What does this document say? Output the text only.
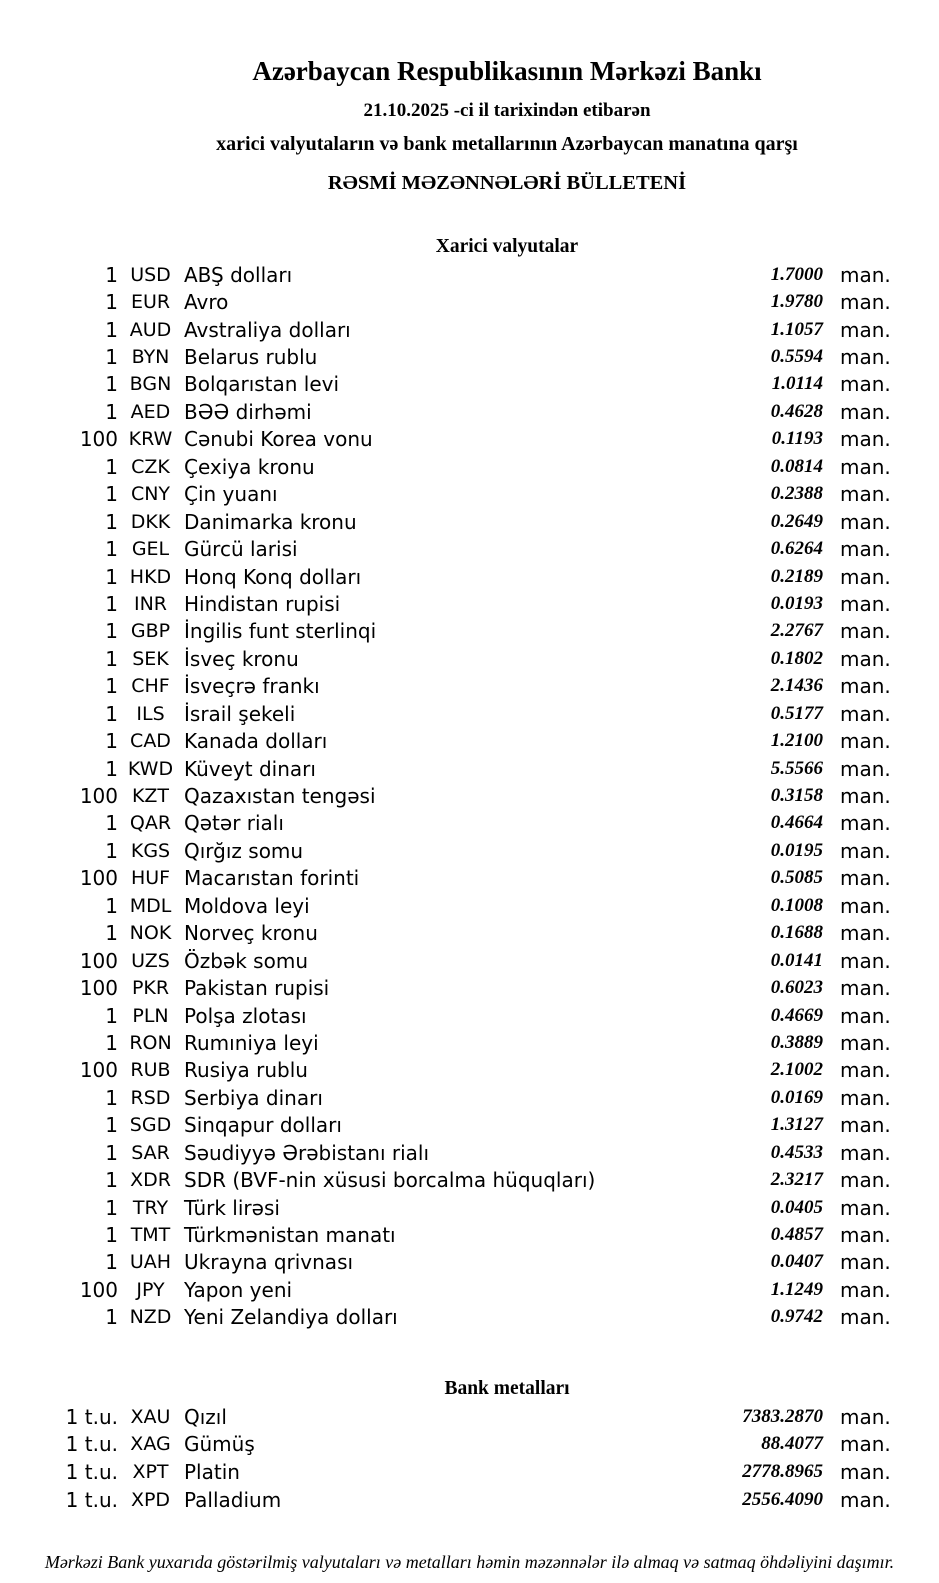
Azərbaycan Respublikasının Mərkəzi Bankı
21.10.2025 -ci il tarixindən etibarən
xarici valyutaların və bank metallarının Azərbaycan manatına qarşı
RƏSMİ MƏZƏNNƏLƏRİ BÜLLETENİ
Xarici valyutalar
1 USD ABŞ dolları	1.7000 man.
1 EUR Avro	1.9780 man.
1 AUD Avstraliya dolları	1.1057 man.
1 BYN Belarus rublu	0.5594 man.
1 BGN Bolqarıstan levi	1.0114 man.
1 AED BƏƏ dirhəmi	0.4628 man.
100 KRW Cənubi Korea vonu	0.1193 man.
1 CZK Çexiya kronu	0.0814 man.
1 CNY Çin yuanı	0.2388 man.
1 DKK Danimarka kronu	0.2649 man.
1 GEL Gürcü larisi	0.6264 man.
1 HKD Honq Konq dolları	0.2189 man.
1 INR Hindistan rupisi	0.0193 man.
1 GBP İngilis funt sterlinqi	2.2767 man.
1 SEK İsveç kronu	0.1802 man.
1 CHF İsveçrə frankı	2.1436 man.
1 ILS İsrail şekeli	0.5177 man.
1 CAD Kanada dolları	1.2100 man.
1 KWD Küveyt dinarı	5.5566 man.
100 KZT Qazaxıstan tengəsi	0.3158 man.
1 QAR Qətər rialı	0.4664 man.
1 KGS Qırğız somu	0.0195 man.
100 HUF Macarıstan forinti	0.5085 man.
1 MDL Moldova leyi	0.1008 man.
1 NOK Norveç kronu	0.1688 man.
100 UZS Özbək somu	0.0141 man.
100 PKR Pakistan rupisi	0.6023 man.
1 PLN Polşa zlotası	0.4669 man.
1 RON Rumıniya leyi	0.3889 man.
100 RUB Rusiya rublu	2.1002 man.
1 RSD Serbiya dinarı	0.0169 man.
1 SGD Sinqapur dolları	1.3127 man.
1 SAR Səudiyyə Ərəbistanı rialı	0.4533 man.
1 XDR SDR (BVF-nin xüsusi borcalma hüquqları)	2.3217 man.
1 TRY Türk lirəsi	0.0405 man.
1 TMT Türkmənistan manatı	0.4857 man.
1 UAH Ukrayna qrivnası	0.0407 man.
100 JPY Yapon yeni	1.1249 man.
1 NZD Yeni Zelandiya dolları	0.9742 man.
Bank metalları
1 t.u. XAU Qızıl	7383.2870 man.
1 t.u. XAG Gümüş	88.4077 man.
1 t.u. XPT Platin	2778.8965 man.
1 t.u. XPD Palladium	2556.4090 man.
Mərkəzi Bank yuxarıda göstərilmiş valyutaları və metalları həmin məzənnələr ilə almaq və satmaq öhdəliyini daşımır.
